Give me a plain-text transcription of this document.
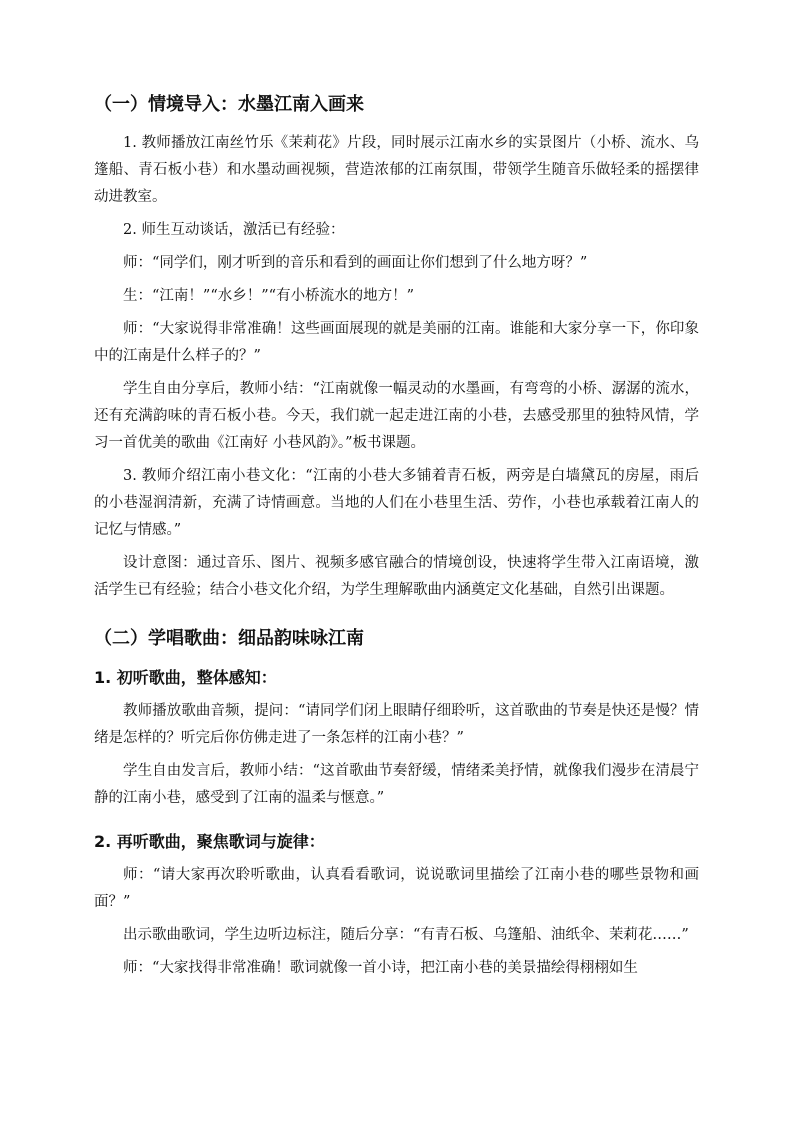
（一）情境导入：水墨江南入画来

1. 教师播放江南丝竹乐《茉莉花》片段，同时展示江南水乡的实景图片（小桥、流水、乌篷船、青石板小巷）和水墨动画视频，营造浓郁的江南氛围，带领学生随音乐做轻柔的摇摆律动进教室。

2. 师生互动谈话，激活已有经验：

师：“同学们，刚才听到的音乐和看到的画面让你们想到了什么地方呀？”

生：“江南！”“水乡！”“有小桥流水的地方！”

师：“大家说得非常准确！这些画面展现的就是美丽的江南。谁能和大家分享一下，你印象中的江南是什么样子的？”

学生自由分享后，教师小结：“江南就像一幅灵动的水墨画，有弯弯的小桥、潺潺的流水，还有充满韵味的青石板小巷。今天，我们就一起走进江南的小巷，去感受那里的独特风情，学习一首优美的歌曲《江南好 小巷风韵》。”板书课题。

3. 教师介绍江南小巷文化：“江南的小巷大多铺着青石板，两旁是白墙黛瓦的房屋，雨后的小巷湿润清新，充满了诗情画意。当地的人们在小巷里生活、劳作，小巷也承载着江南人的记忆与情感。”

设计意图：通过音乐、图片、视频多感官融合的情境创设，快速将学生带入江南语境，激活学生已有经验；结合小巷文化介绍，为学生理解歌曲内涵奠定文化基础，自然引出课题。

（二）学唱歌曲：细品韵味咏江南
1. 初听歌曲，整体感知：

教师播放歌曲音频，提问：“请同学们闭上眼睛仔细聆听，这首歌曲的节奏是快还是慢？情绪是怎样的？听完后你仿佛走进了一条怎样的江南小巷？”

学生自由发言后，教师小结：“这首歌曲节奏舒缓，情绪柔美抒情，就像我们漫步在清晨宁静的江南小巷，感受到了江南的温柔与惬意。”

2. 再听歌曲，聚焦歌词与旋律：

师：“请大家再次聆听歌曲，认真看看歌词，说说歌词里描绘了江南小巷的哪些景物和画面？”

出示歌曲歌词，学生边听边标注，随后分享：“有青石板、乌篷船、油纸伞、茉莉花……”

师：“大家找得非常准确！歌词就像一首小诗，把江南小巷的美景描绘得栩栩如生
